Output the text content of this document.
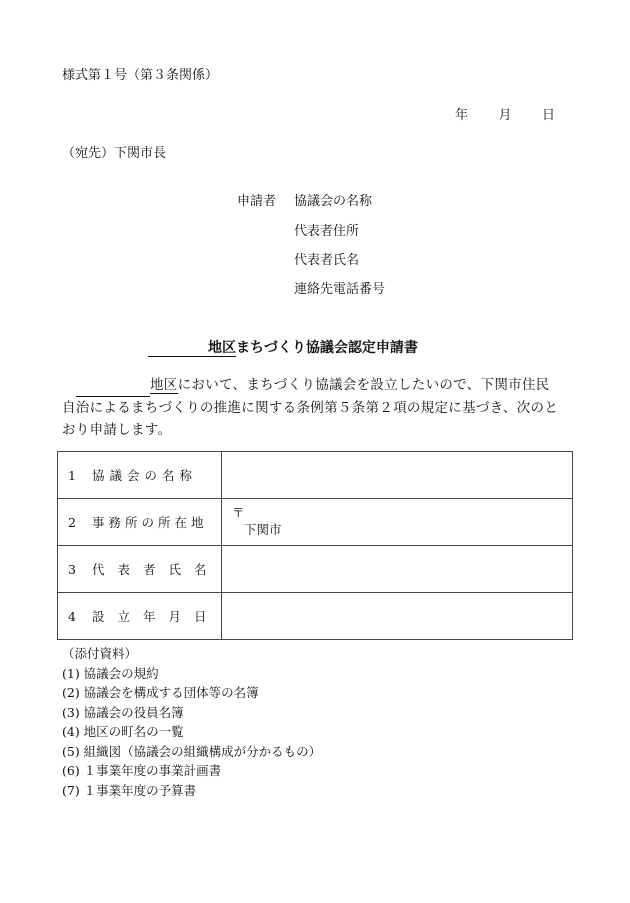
様式第１号（第３条関係）
年 月 日
（宛先）下関市長
申請者 協議会の名称
代表者住所
代表者氏名
連絡先電話番号
地区まちづくり協議会認定申請書
地区において、まちづくり協議会を設立したいので、下関市住民自治によるまちづくりの推進に関する条例第５条第２項の規定に基づき、次のとおり申請します。
1 協議会の名称	
2 事務所の所在地	〒
下関市

3 代表者氏名	
4 設立年月日	
（添付資料）
(1) 協議会の規約
(2) 協議会を構成する団体等の名簿
(3) 協議会の役員名簿
(4) 地区の町名の一覧
(5) 組織図（協議会の組織構成が分かるもの）
(6) １事業年度の事業計画書
(7) １事業年度の予算書
